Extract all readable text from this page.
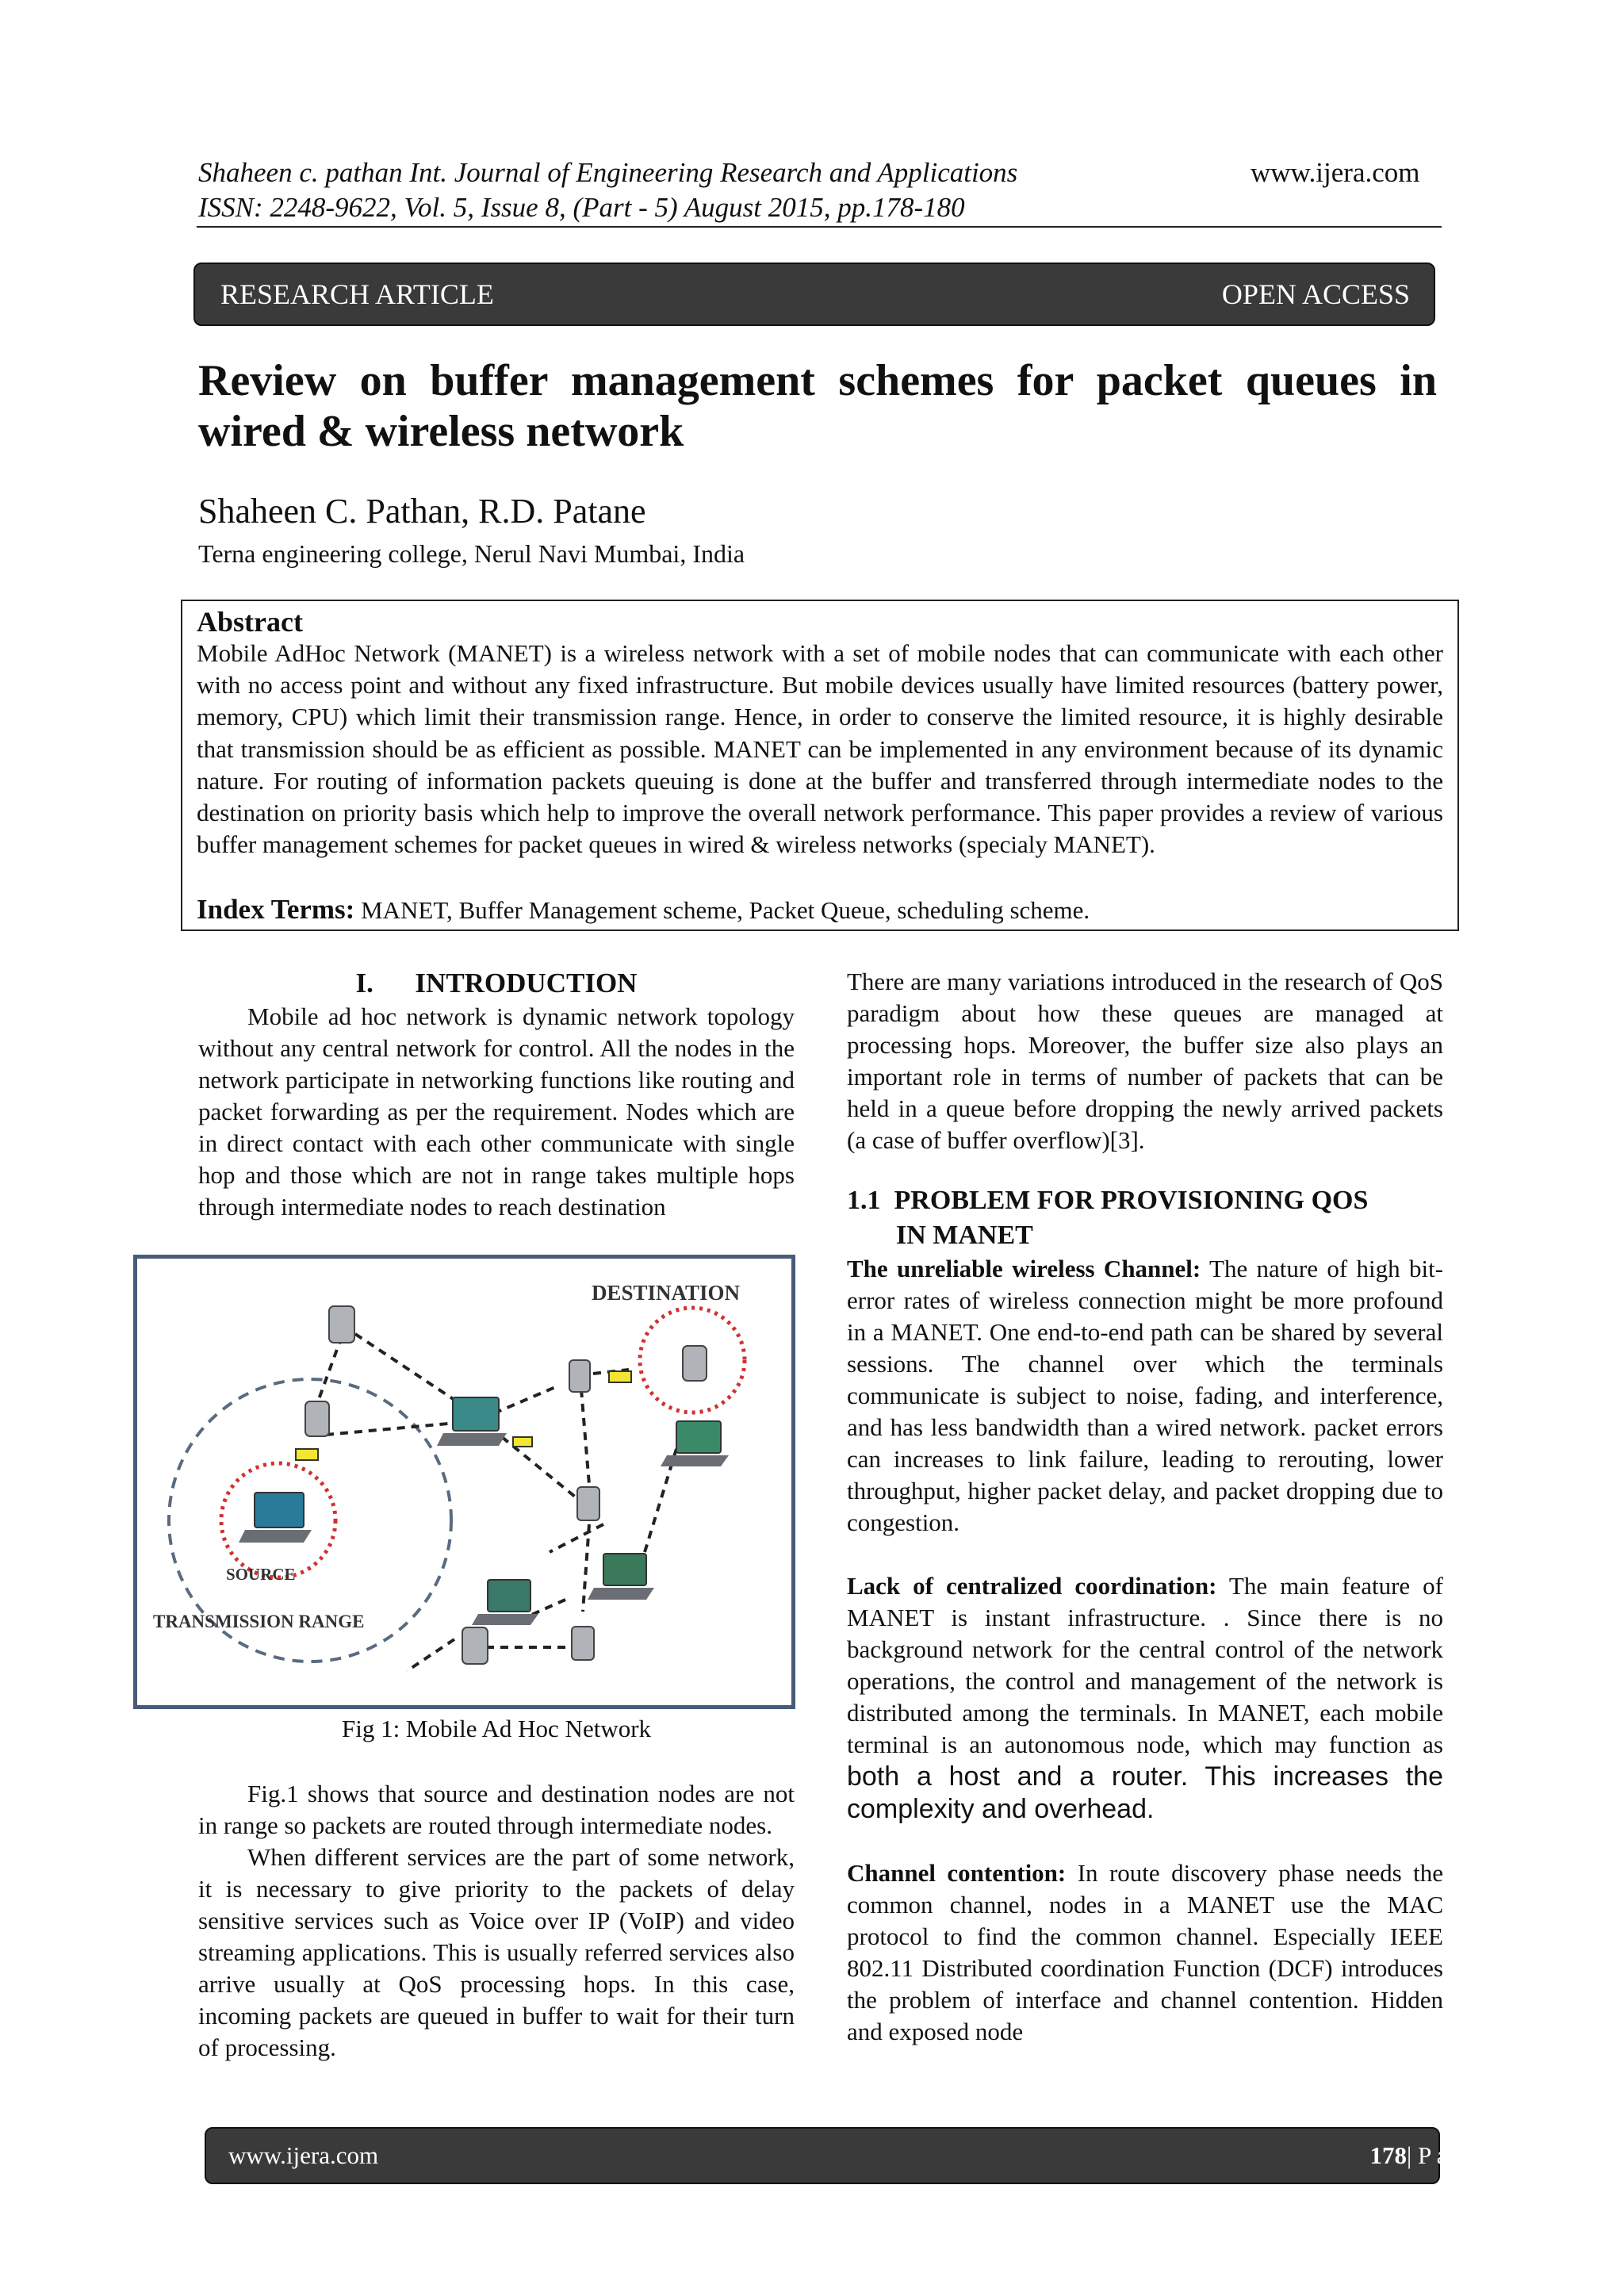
Shaheen c. pathan Int. Journal of Engineering Research and Applications	www.ijera.com
ISSN: 2248-9622, Vol. 5, Issue 8, (Part - 5) August 2015, pp.178-180
RESEARCH ARTICLE	OPEN ACCESS
Review on buffer management schemes for packet queues in wired & wireless network
Shaheen C. Pathan, R.D. Patane
Terna engineering college, Nerul Navi Mumbai, India
Abstract
Mobile AdHoc Network (MANET) is a wireless network with a set of mobile nodes that can communicate with each other with no access point and without any fixed infrastructure. But mobile devices usually have limited resources (battery power, memory, CPU) which limit their transmission range. Hence, in order to conserve the limited resource, it is highly desirable that transmission should be as efficient as possible. MANET can be implemented in any environment because of its dynamic nature. For routing of information packets queuing is done at the buffer and transferred through intermediate nodes to the destination on priority basis which help to improve the overall network performance. This paper provides a review of various buffer management schemes for packet queues in wired & wireless networks (specialy MANET).
Index Terms: MANET, Buffer Management scheme, Packet Queue, scheduling scheme.
I.      INTRODUCTION
Mobile ad hoc network is dynamic network topology without any central network for control. All the nodes in the network participate in networking functions like routing and packet forwarding as per the requirement. Nodes which are in direct contact with each other communicate with single hop and those which are not in range takes multiple hops through intermediate nodes to reach destination
DESTINATION
SOURCE
TRANSMISSION RANGE
Fig 1: Mobile Ad Hoc Network
Fig.1 shows that source and destination nodes are not in range so packets are routed through intermediate nodes.
When different services are the part of some network, it is necessary to give priority to the packets of delay sensitive services such as Voice over IP (VoIP) and video streaming applications. This is usually referred services also arrive usually at QoS processing hops. In this case, incoming packets are queued in buffer to wait for their turn of processing.
There are many variations introduced in the research of QoS paradigm about how these queues are managed at processing hops. Moreover, the buffer size also plays an important role in terms of number of packets that can be held in a queue before dropping the newly arrived packets (a case of buffer overflow)[3].
1.1 PROBLEM FOR PROVISIONING QOS
IN MANET
The unreliable wireless Channel: The nature of high bit-error rates of wireless connection might be more profound in a MANET. One end-to-end path can be shared by several sessions. The channel over which the terminals communicate is subject to noise, fading, and interference, and has less bandwidth than a wired network. packet errors can increases to link failure, leading to rerouting, lower throughput, higher packet delay, and packet dropping due to congestion.
Lack of centralized coordination: The main feature of MANET is instant infrastructure. . Since there is no background network for the central control of the network operations, the control and management of the network is distributed among the terminals. In MANET, each mobile terminal is an autonomous node, which may function as both a host and a router. This increases the complexity and overhead.
Channel contention: In route discovery phase needs the common channel, nodes in a MANET use the MAC protocol to find the common channel. Especially IEEE 802.11 Distributed coordination Function (DCF) introduces the problem of interface and channel contention. Hidden and exposed node
www.ijera.com	178 | P a g e
